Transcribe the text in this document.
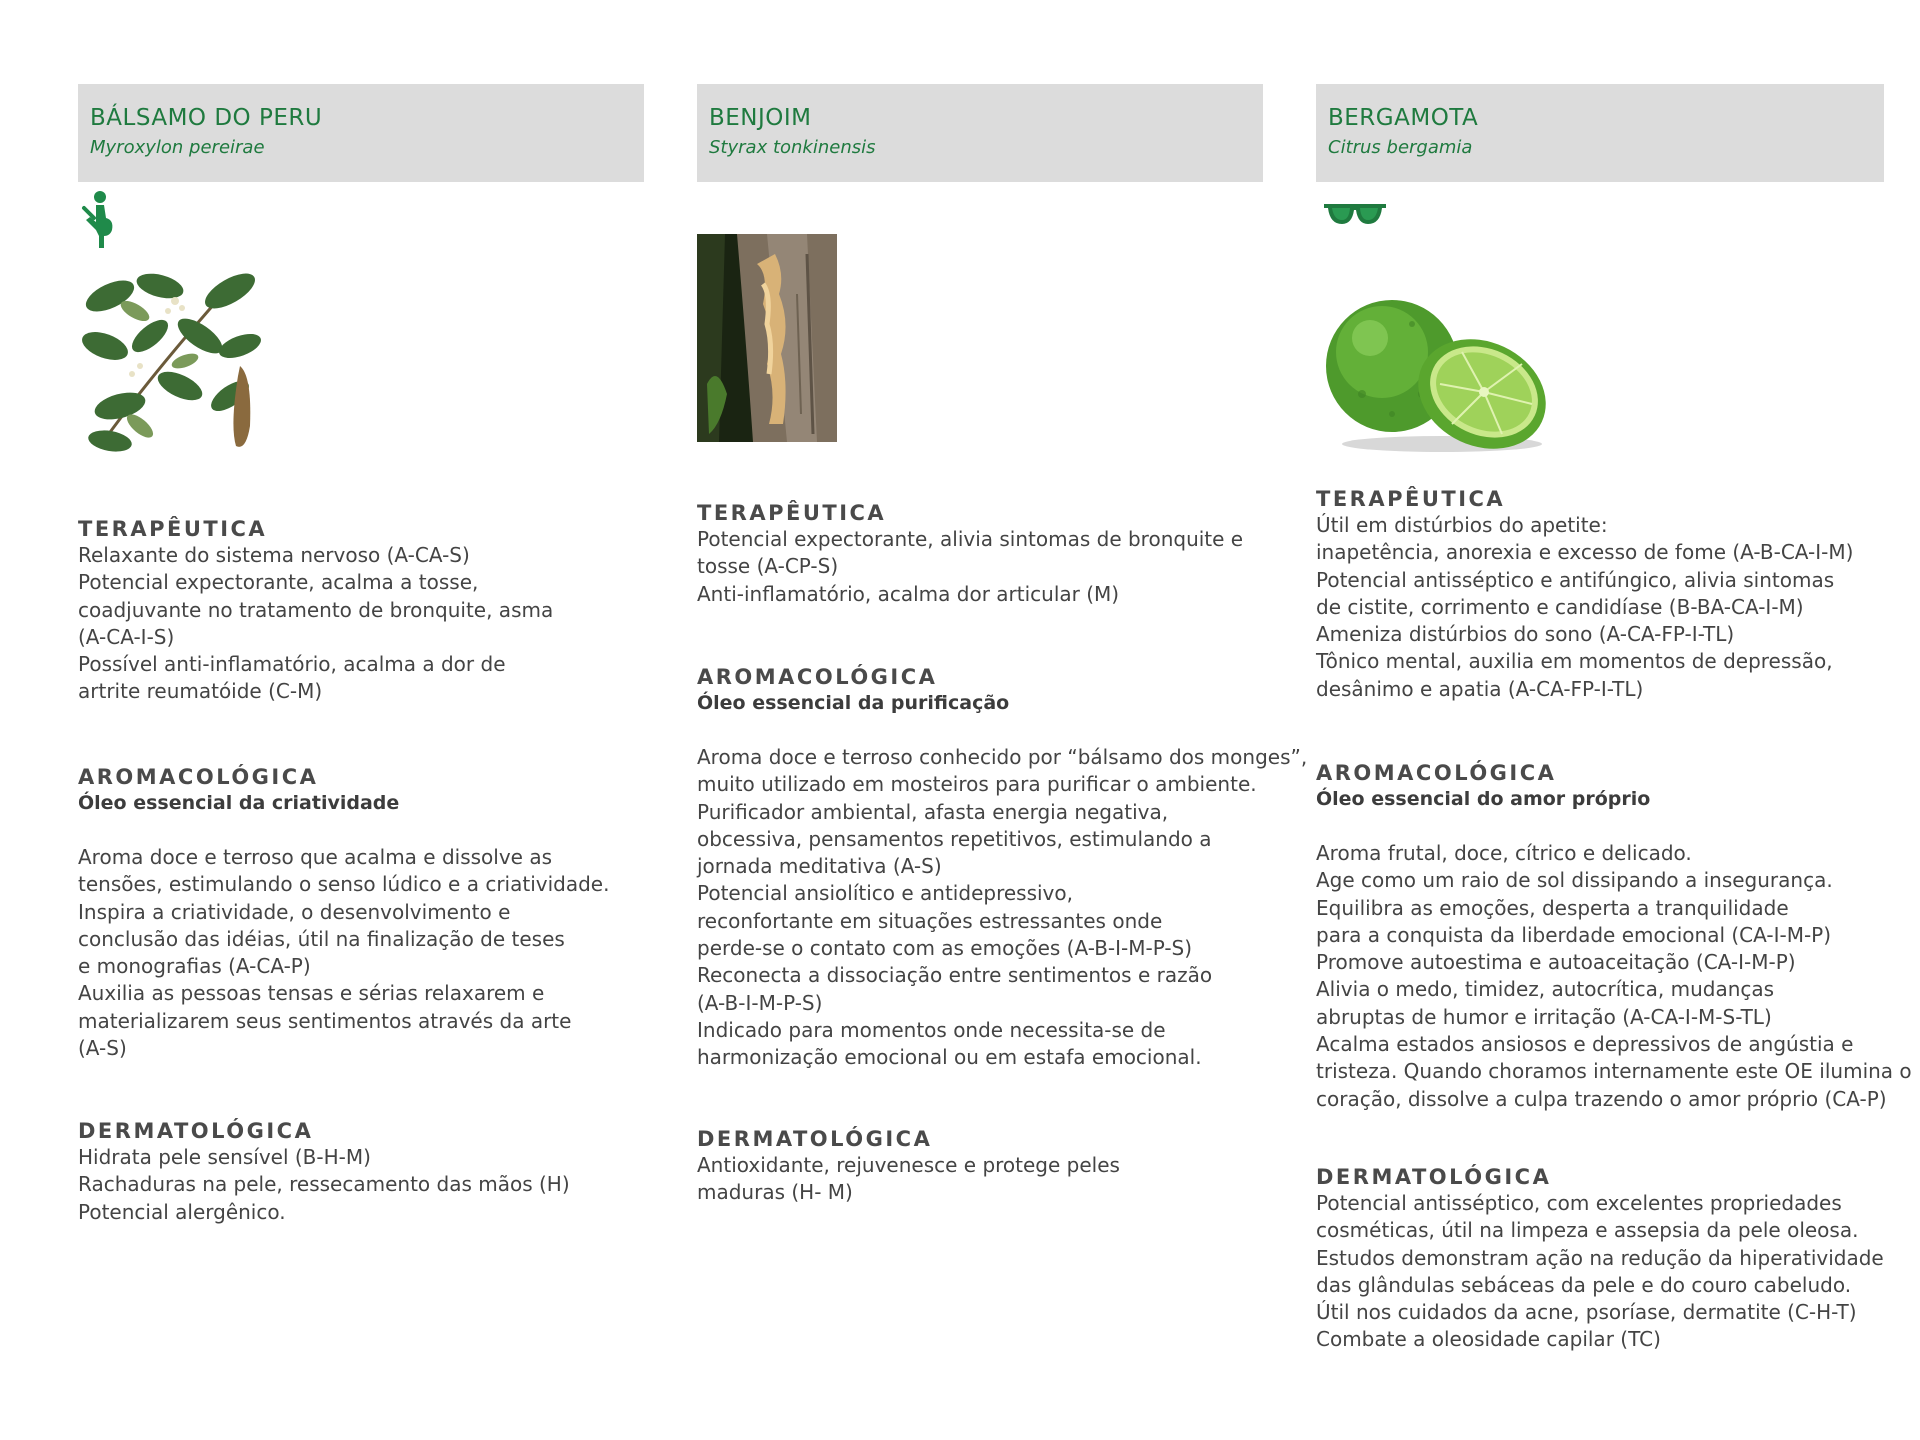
BÁLSAMO DO PERU
Myroxylon pereirae
TERAPÊUTICA
Relaxante do sistema nervoso (A-CA-S)
Potencial expectorante, acalma a tosse,
coadjuvante no tratamento de bronquite, asma
(A-CA-I-S)
Possível anti-inflamatório, acalma a dor de
artrite reumatóide (C-M)
AROMACOLÓGICA
Óleo essencial da criatividade
Aroma doce e terroso que acalma e dissolve as
tensões, estimulando o senso lúdico e a criatividade.
Inspira a criatividade, o desenvolvimento e
conclusão das idéias, útil na finalização de teses
e monografias (A-CA-P)
Auxilia as pessoas tensas e sérias relaxarem e
materializarem seus sentimentos através da arte
(A-S)
DERMATOLÓGICA
Hidrata pele sensível (B-H-M)
Rachaduras na pele, ressecamento das mãos (H)
Potencial alergênico.
BENJOIM
Styrax tonkinensis
TERAPÊUTICA
Potencial expectorante, alivia sintomas de bronquite e
tosse (A-CP-S)
Anti-inflamatório, acalma dor articular (M)
AROMACOLÓGICA
Óleo essencial da purificação
Aroma doce e terroso conhecido por “bálsamo dos monges”,
muito utilizado em mosteiros para purificar o ambiente.
Purificador ambiental, afasta energia negativa,
obcessiva, pensamentos repetitivos, estimulando a
jornada meditativa (A-S)
Potencial ansiolítico e antidepressivo,
reconfortante em situações estressantes onde
perde-se o contato com as emoções (A-B-I-M-P-S)
Reconecta a dissociação entre sentimentos e razão
(A-B-I-M-P-S)
Indicado para momentos onde necessita-se de
harmonização emocional ou em estafa emocional.
DERMATOLÓGICA
Antioxidante, rejuvenesce e protege peles
maduras (H- M)
BERGAMOTA
Citrus bergamia
TERAPÊUTICA
Útil em distúrbios do apetite:
inapetência, anorexia e excesso de fome (A-B-CA-I-M)
Potencial antisséptico e antifúngico, alivia sintomas
de cistite, corrimento e candidíase (B-BA-CA-I-M)
Ameniza distúrbios do sono (A-CA-FP-I-TL)
Tônico mental, auxilia em momentos de depressão,
desânimo e apatia (A-CA-FP-I-TL)
AROMACOLÓGICA
Óleo essencial do amor próprio
Aroma frutal, doce, cítrico e delicado.
Age como um raio de sol dissipando a insegurança.
Equilibra as emoções, desperta a tranquilidade
para a conquista da liberdade emocional (CA-I-M-P)
Promove autoestima e autoaceitação (CA-I-M-P)
Alivia o medo, timidez, autocrítica, mudanças
abruptas de humor e irritação (A-CA-I-M-S-TL)
Acalma estados ansiosos e depressivos de angústia e
tristeza. Quando choramos internamente este OE ilumina o
coração, dissolve a culpa trazendo o amor próprio (CA-P)
DERMATOLÓGICA
Potencial antisséptico, com excelentes propriedades
cosméticas, útil na limpeza e assepsia da pele oleosa.
Estudos demonstram ação na redução da hiperatividade
das glândulas sebáceas da pele e do couro cabeludo.
Útil nos cuidados da acne, psoríase, dermatite (C-H-T)
Combate a oleosidade capilar (TC)
